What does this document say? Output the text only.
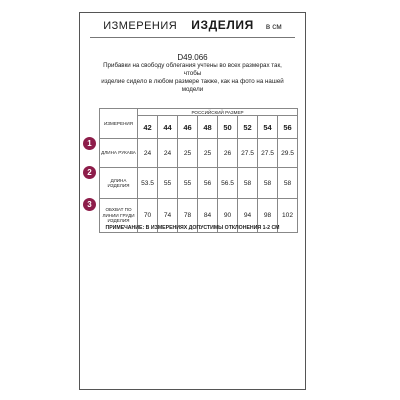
ИЗМЕРЕНИЯ ИЗДЕЛИЯ в см
D49.066
Прибавки на свободу облегания учтены во всех размерах так, чтобы
изделие сидело в любом размере также, как на фото на нашей
модели
ИЗМЕРЕНИЯ	РОССИЙСКИЙ РАЗМЕР							
	42	44	46	48	50	52	54	56
ДЛИНА РУКАВА	24	24	25	25	26	27.5	27.5	29.5
ДЛИНА
ИЗДЕЛИЯ	53.5	55	55	56	56.5	58	58	58
ОБХВАТ ПО
ЛИНИИ ГРУДИ
ИЗДЕЛИЯ	70	74	78	84	90	94	98	102
ПРИМЕЧАНИЕ: В ИЗМЕРЕНИЯХ ДОПУСТИМЫ ОТКЛОНЕНИЯ 1-2 СМ
1
2
3
